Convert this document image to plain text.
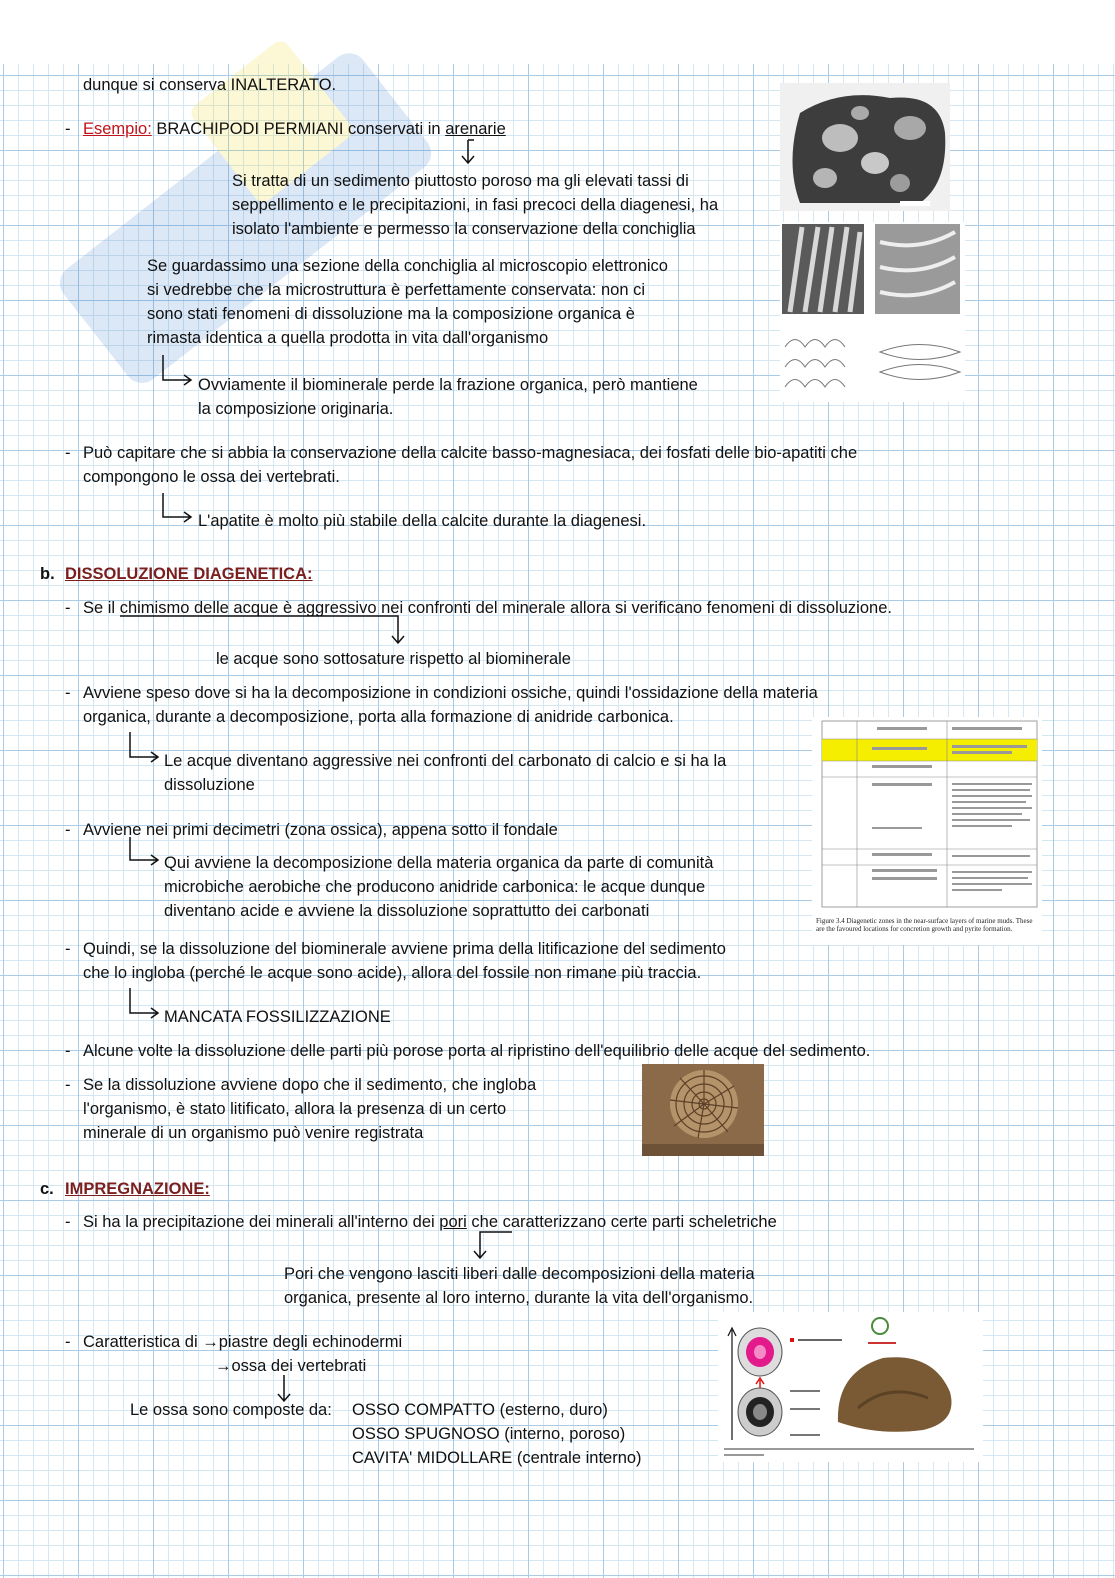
dunque si conserva INALTERATO.
- Esempio: BRACHIPODI PERMIANI conservati in arenarie
Si tratta di un sedimento piuttosto poroso ma gli elevati tassi di
seppellimento e le precipitazioni, in fasi precoci della diagenesi, ha
isolato l'ambiente e permesso la conservazione della conchiglia
Se guardassimo una sezione della conchiglia al microscopio elettronico
si vedrebbe che la microstruttura è perfettamente conservata: non ci
sono stati fenomeni di dissoluzione ma la composizione organica è
rimasta identica a quella prodotta in vita dall'organismo
Ovviamente il biominerale perde la frazione organica, però mantiene
la composizione originaria.
- Può capitare che si abbia la conservazione della calcite basso-magnesiaca, dei fosfati delle bio-apatiti che
compongono le ossa dei vertebrati.
L'apatite è molto più stabile della calcite durante la diagenesi.
b. DISSOLUZIONE DIAGENETICA:
- Se il chimismo delle acque è aggressivo nei confronti del minerale allora si verificano fenomeni di dissoluzione.
le acque sono sottosature rispetto al biominerale
- Avviene speso dove si ha la decomposizione in condizioni ossiche, quindi l'ossidazione della materia
organica, durante a decomposizione, porta alla formazione di anidride carbonica.
Le acque diventano aggressive nei confronti del carbonato di calcio e si ha la
dissoluzione
- Avviene nei primi decimetri (zona ossica), appena sotto il fondale
Qui avviene la decomposizione della materia organica da parte di comunità
microbiche aerobiche che producono anidride carbonica: le acque dunque
diventano acide e avviene la dissoluzione soprattutto dei carbonati
- Quindi, se la dissoluzione del biominerale avviene prima della litificazione del sedimento
che lo ingloba (perché le acque sono acide), allora del fossile non rimane più traccia.
MANCATA FOSSILIZZAZIONE
- Alcune volte la dissoluzione delle parti più porose porta al ripristino dell'equilibrio delle acque del sedimento.
- Se la dissoluzione avviene dopo che il sedimento, che ingloba
l'organismo, è stato litificato, allora la presenza di un certo
minerale di un organismo può venire registrata
Figure 3.4 Diagenetic zones in the near-surface layers of marine muds. These are the favoured locations for concretion growth and pyrite formation.
c. IMPREGNAZIONE:
- Si ha la precipitazione dei minerali all'interno dei pori che caratterizzano certe parti scheletriche
Pori che vengono lasciti liberi dalle decomposizioni della materia
organica, presente al loro interno, durante la vita dell'organismo.
- Caratteristica di →piastre degli echinodermi
→ossa dei vertebrati
Le ossa sono composte da: OSSO COMPATTO (esterno, duro)
OSSO SPUGNOSO (interno, poroso)
CAVITA' MIDOLLARE (centrale interno)
